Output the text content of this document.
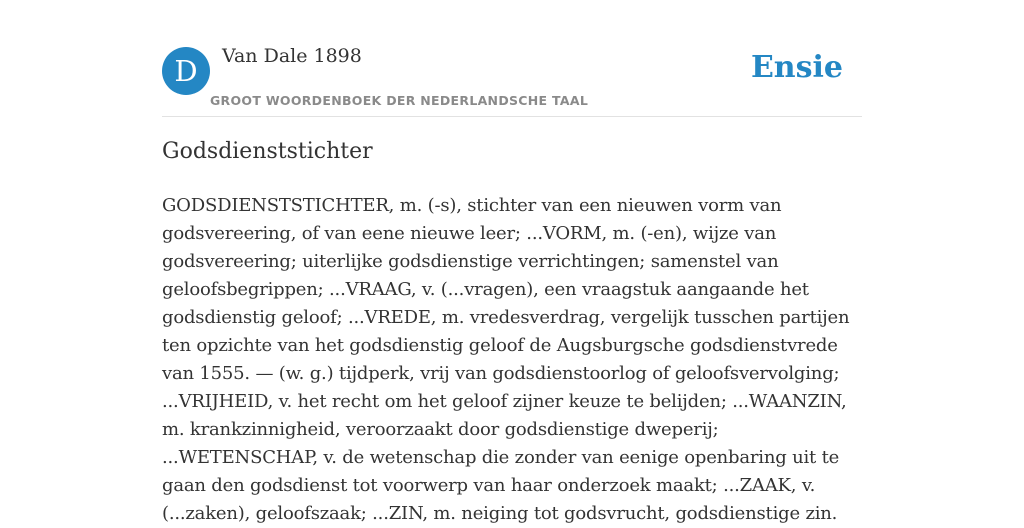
D	Van Dale 1898
GROOT WOORDENBOEK DER NEDERLANDSCHE TAAL
Ensie
Godsdienststichter

GODSDIENSTSTICHTER, m. (-s), stichter van een nieuwen vorm van godsvereering, of van eene nieuwe leer; ...VORM, m. (-en), wijze van godsvereering; uiterlijke godsdienstige verrichtingen; samenstel van geloofsbegrippen; ...VRAAG, v. (...vragen), een vraagstuk aangaande het godsdienstig geloof; ...VREDE, m. vredesverdrag, vergelijk tusschen partijen ten opzichte van het godsdienstig geloof de Augsburgsche godsdienstvrede van 1555. — (w. g.) tijdperk, vrij van godsdienstoorlog of geloofsvervolging; ...VRIJHEID, v. het recht om het geloof zijner keuze te belijden; ...WAANZIN, m. krankzinnigheid, veroorzaakt door godsdienstige dweperij; ...WETENSCHAP, v. de wetenschap die zonder van eenige openbaring uit te gaan den godsdienst tot voorwerp van haar onderzoek maakt; ...ZAAK, v. (...zaken), geloofszaak; ...ZIN, m. neiging tot godsvrucht, godsdienstige zin.
